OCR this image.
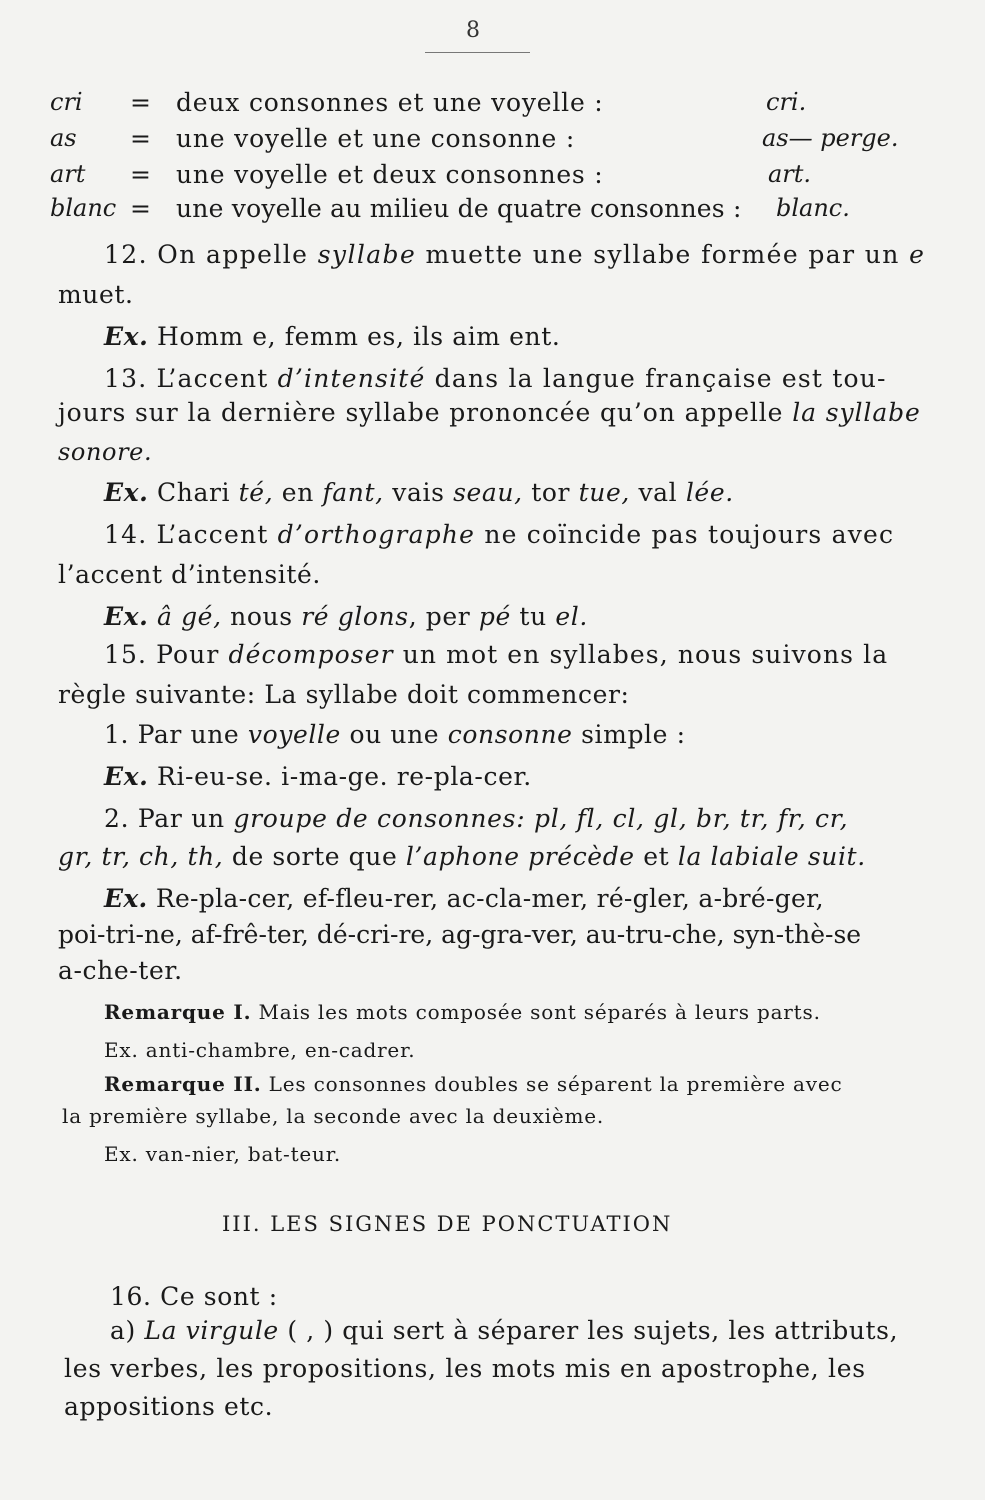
8
cri = deux consonnes et une voyelle :	cri.
as = une voyelle et une consonne :	as— perge.
art = une voyelle et deux consonnes :	art.
blanc = une voyelle au milieu de quatre consonnes : blanc.
12. On appelle syllabe muette une syllabe formée par un e
muet.
Ex. Homm e, femm es, ils aim ent.
13. L’accent d’intensité dans la langue française est tou-
jours sur la dernière syllabe prononcée qu’on appelle la syllabe
sonore.
Ex. Chari té, en fant, vais seau, tor tue, val lée.
14. L’accent d’orthographe ne coïncide pas toujours avec
l’accent d’intensité.
Ex. â gé, nous ré glons, per pé tu el.
15. Pour décomposer un mot en syllabes, nous suivons la
règle suivante: La syllabe doit commencer:
1. Par une voyelle ou une consonne simple :
Ex. Ri-eu-se. i-ma-ge. re-pla-cer.
2. Par un groupe de consonnes: pl, fl, cl, gl, br, tr, fr, cr,
gr, tr, ch, th, de sorte que l’aphone précède et la labiale suit.
Ex. Re-pla-cer, ef-fleu-rer, ac-cla-mer, ré-gler, a-bré-ger,
poi-tri-ne, af-frê-ter, dé-cri-re, ag-gra-ver, au-tru-che, syn-thè-se
a-che-ter.
Remarque I. Mais les mots composée sont séparés à leurs parts.
Ex. anti-chambre, en-cadrer.
Remarque II. Les consonnes doubles se séparent la première avec
la première syllabe, la seconde avec la deuxième.
Ex. van-nier, bat-teur.
III. LES SIGNES DE PONCTUATION
16. Ce sont :
a) La virgule ( , ) qui sert à séparer les sujets, les attributs,
les verbes, les propositions, les mots mis en apostrophe, les
appositions etc.
